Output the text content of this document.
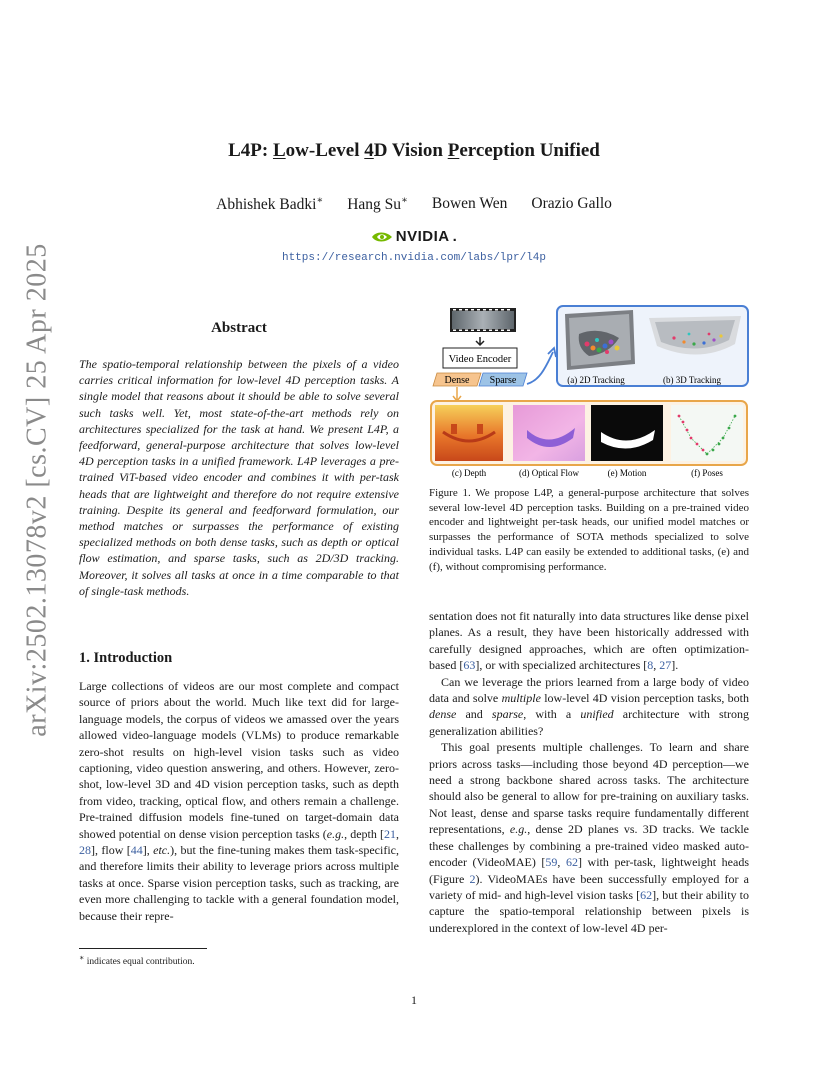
arXiv:2502.13078v2 [cs.CV] 25 Apr 2025
L4P: Low-Level 4D Vision Perception Unified
Abhishek Badki∗ Hang Su∗ Bowen Wen Orazio Gallo
NVIDIA .
https://research.nvidia.com/labs/lpr/l4p
Abstract
The spatio-temporal relationship between the pixels of a video carries critical information for low-level 4D perception tasks. A single model that reasons about it should be able to solve several such tasks well. Yet, most state-of-the-art methods rely on architectures specialized for the task at hand. We present L4P, a feedforward, general-purpose architecture that solves low-level 4D perception tasks in a unified framework. L4P leverages a pre-trained ViT-based video encoder and combines it with per-task heads that are lightweight and therefore do not require extensive training. Despite its general and feedforward formulation, our method matches or surpasses the performance of existing specialized methods on both dense tasks, such as depth or optical flow estimation, and sparse tasks, such as 2D/3D tracking. Moreover, it solves all tasks at once in a time comparable to that of single-task methods.
1. Introduction

Large collections of videos are our most complete and compact source of priors about the world. Much like text did for large-language models, the corpus of videos we amassed over the years allowed video-language models (VLMs) to produce remarkable zero-shot results on high-level vision tasks such as video captioning, video question answering, and others. However, zero-shot, low-level 3D and 4D vision perception tasks, such as depth from video, tracking, optical flow, and others remain a challenge. Pre-trained diffusion models fine-tuned on target-domain data showed potential on dense vision perception tasks (e.g., depth [21, 28], flow [44], etc.), but the fine-tuning makes them task-specific, and therefore limits their ability to leverage priors across multiple tasks at once. Sparse vision perception tasks, such as tracking, are even more challenging to tackle with a general foundation model, because their repre-

sentation does not fit naturally into data structures like dense pixel planes. As a result, they have been historically addressed with carefully designed approaches, which are often optimization-based [63], or with specialized architectures [8, 27].

Can we leverage the priors learned from a large body of video data and solve multiple low-level 4D vision perception tasks, both dense and sparse, with a unified architecture with strong generalization abilities?

This goal presents multiple challenges. To learn and share priors across tasks—including those beyond 4D perception—we need a strong backbone shared across tasks. The architecture should also be general to allow for pre-training on auxiliary tasks. Not least, dense and sparse tasks require fundamentally different representations, e.g., dense 2D planes vs. 3D tracks. We tackle these challenges by combining a pre-trained video masked auto-encoder (VideoMAE) [59, 62] with per-task, lightweight heads (Figure 2). VideoMAEs have been successfully employed for a variety of mid- and high-level vision tasks [62], but their ability to capture the spatio-temporal relationship between pixels is underexplored in the context of low-level 4D per-

Video Encoder
Dense Sparse	(a) 2D Tracking	(b) 3D Tracking
(c) Depth	(d) Optical Flow	(e) Motion	(f) Poses
Figure 1. We propose L4P, a general-purpose architecture that solves several low-level 4D perception tasks. Building on a pre-trained video encoder and lightweight per-task heads, our unified model matches or surpasses the performance of SOTA methods specialized to solve individual tasks. L4P can easily be extended to additional tasks, (e) and (f), without compromising performance.
∗ indicates equal contribution.
1
